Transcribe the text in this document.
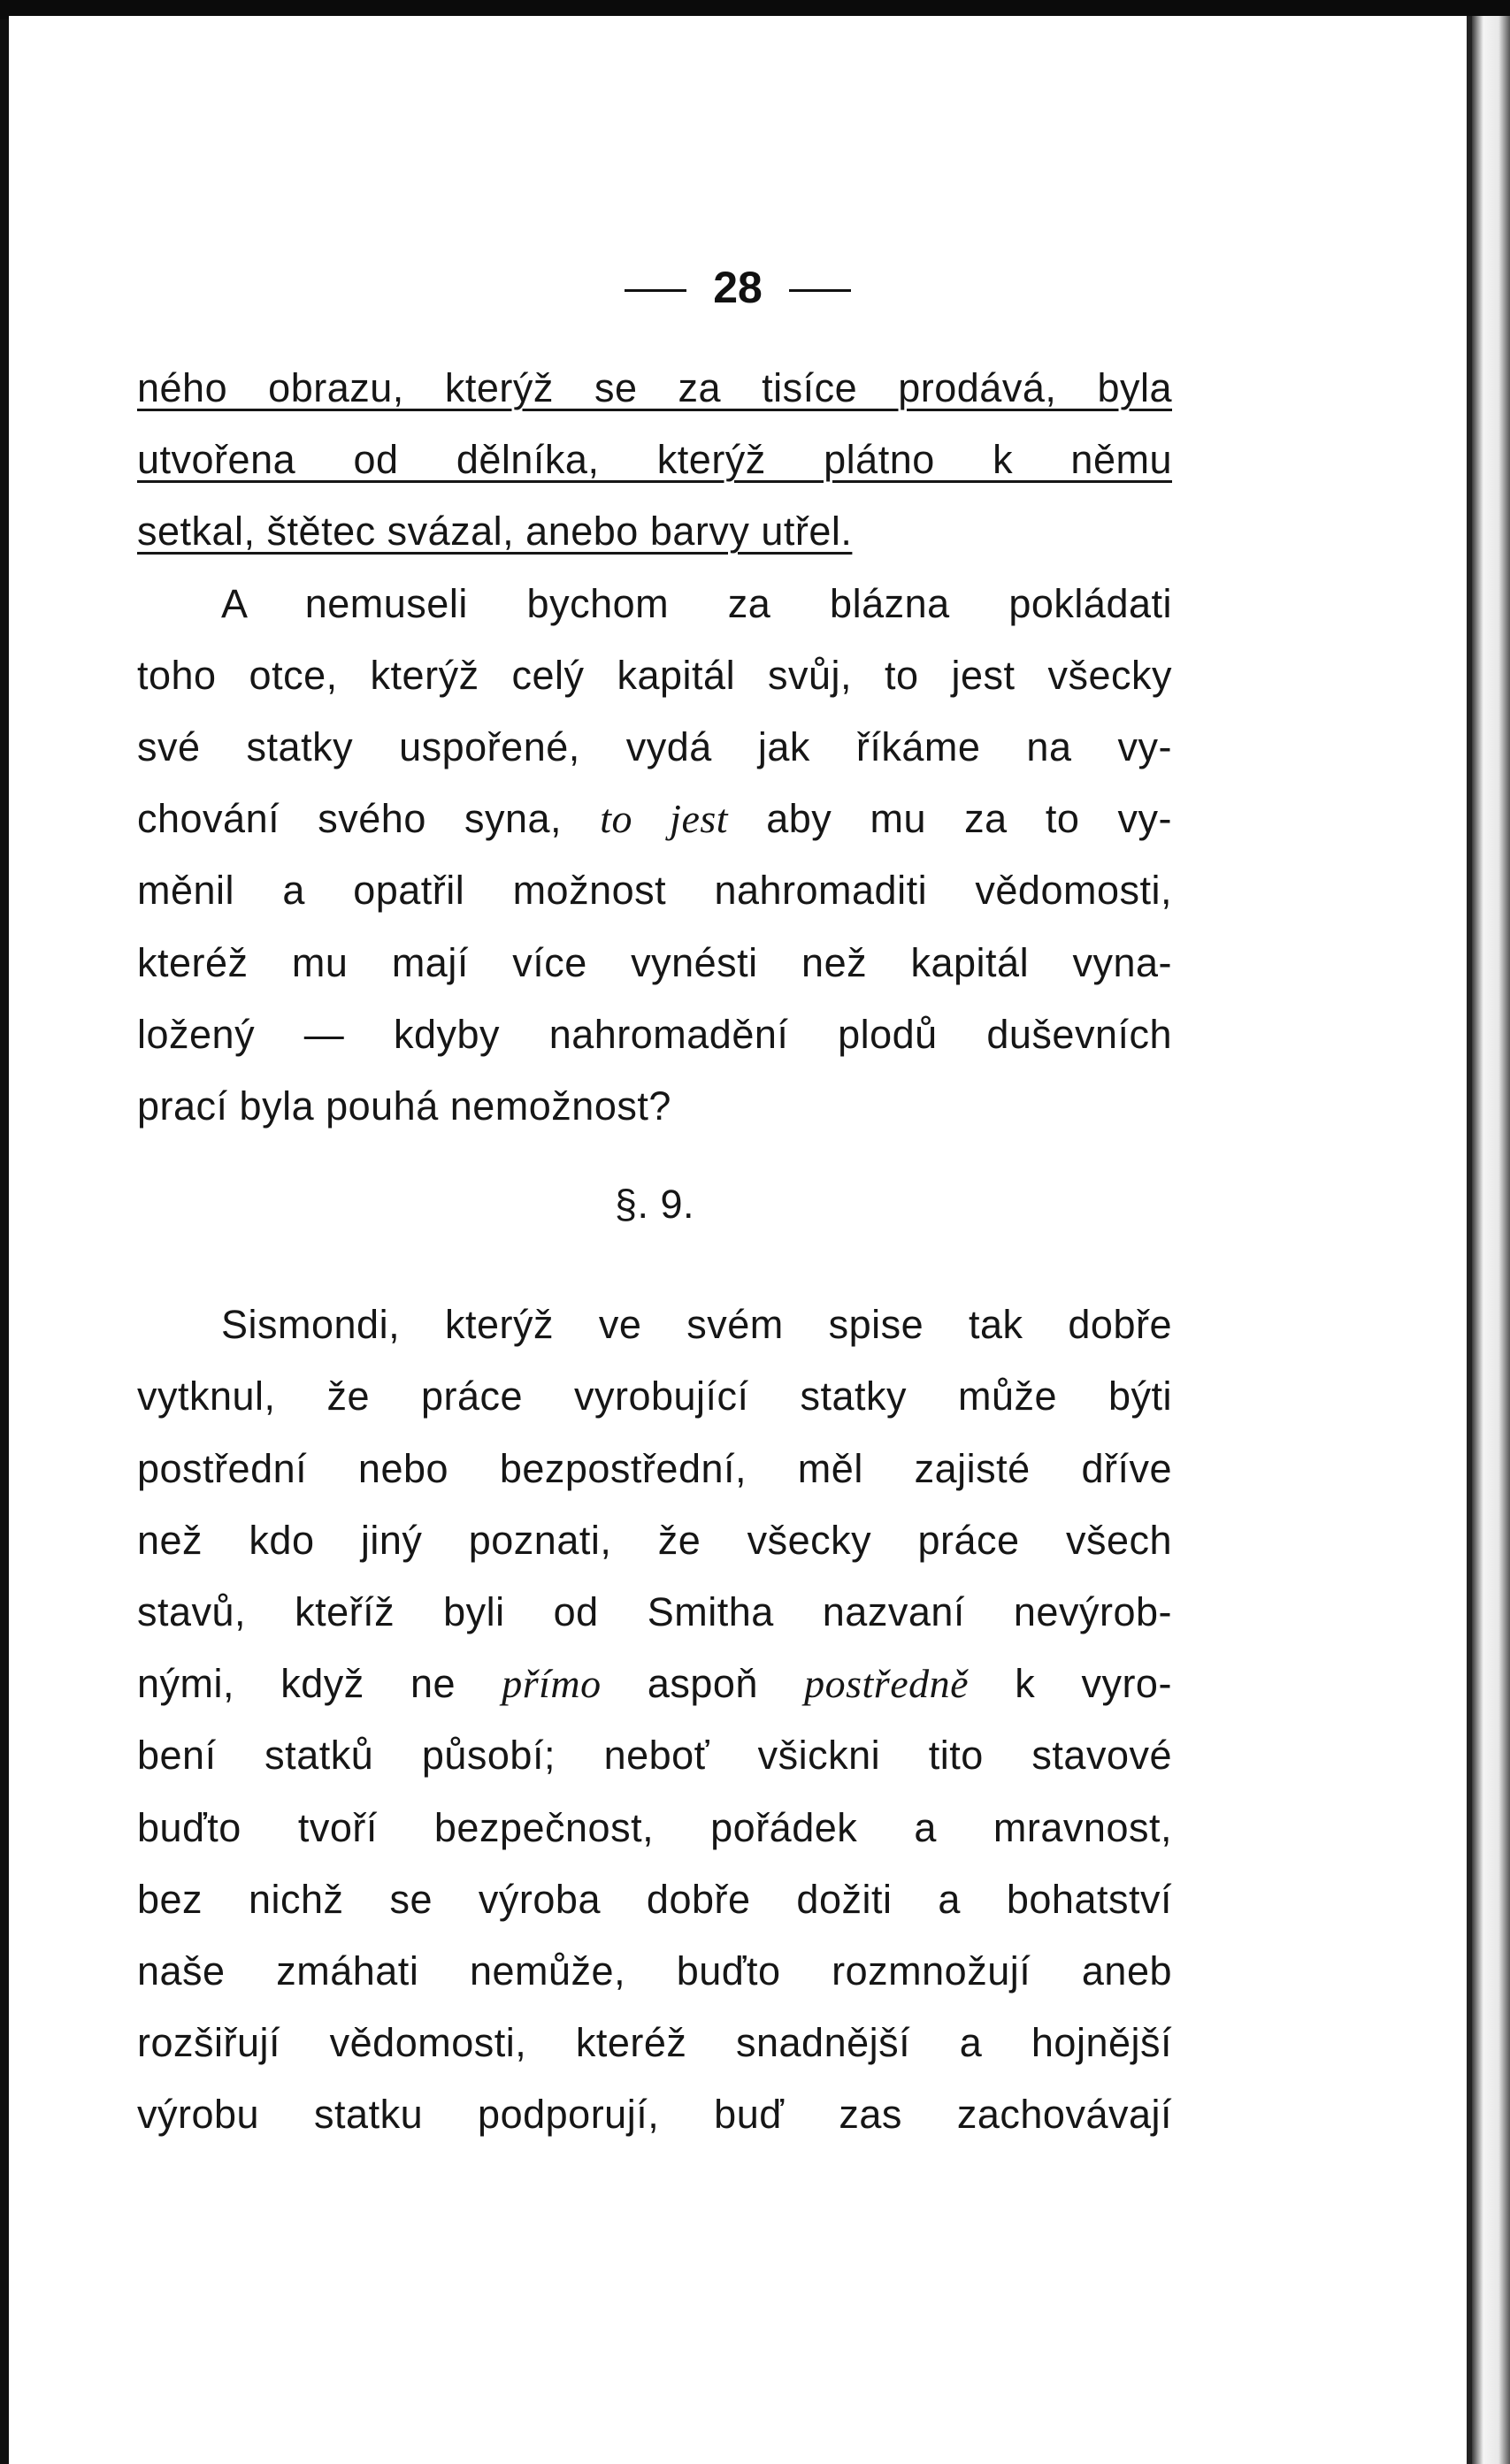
28
ného obrazu, kterýž se za tisíce prodává, byla
utvořena od dělníka, kterýž plátno k němu
setkal, štětec svázal, anebo barvy utřel.
A nemuseli bychom za blázna pokládati
toho otce, kterýž celý kapitál svůj, to jest všecky
své statky uspořené, vydá jak říkáme na vy-
chování svého syna, to jest aby mu za to vy-
měnil a opatřil možnost nahromaditi vědomosti,
kteréž mu mají více vynésti než kapitál vyna-
ložený — kdyby nahromadění plodů duševních
prací byla pouhá nemožnost?
§. 9.
Sismondi, kterýž ve svém spise tak dobře
vytknul, že práce vyrobující statky může býti
postřední nebo bezpostřední, měl zajisté dříve
než kdo jiný poznati, že všecky práce všech
stavů, kteříž byli od Smitha nazvaní nevýrob-
nými, když ne přímo aspoň postředně k vyro-
bení statků působí; neboť všickni tito stavové
buďto tvoří bezpečnost, pořádek a mravnost,
bez nichž se výroba dobře dožiti a bohatství
naše zmáhati nemůže, buďto rozmnožují aneb
rozšiřují vědomosti, kteréž snadnější a hojnější
výrobu statku podporují, buď zas zachovávají
